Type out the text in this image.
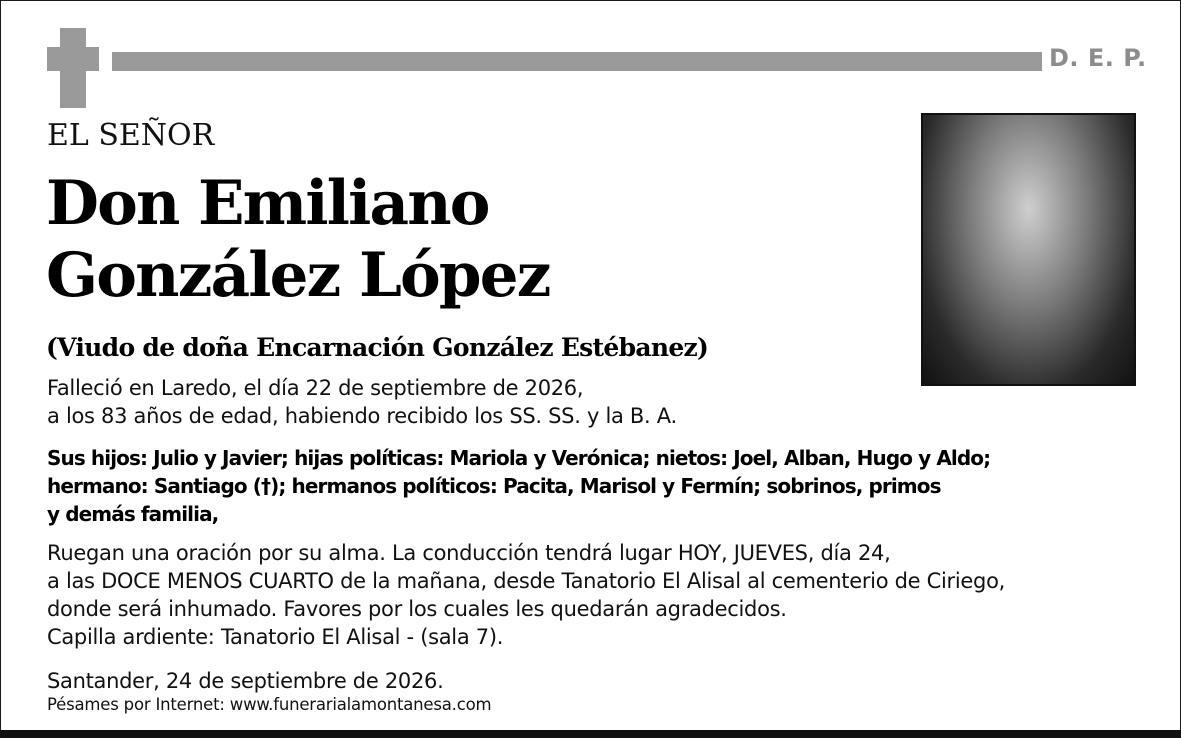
D. E. P.
EL SEÑOR
Don Emiliano
González López
(Viudo de doña Encarnación González Estébanez)
Falleció en Laredo, el día 22 de septiembre de 2026,
a los 83 años de edad, habiendo recibido los SS. SS. y la B. A.
Sus hijos: Julio y Javier; hijas políticas: Mariola y Verónica; nietos: Joel, Alban, Hugo y Aldo;
hermano: Santiago (†); hermanos políticos: Pacita, Marisol y Fermín; sobrinos, primos
y demás familia,
Ruegan una oración por su alma. La conducción tendrá lugar HOY, JUEVES, día 24,
a las DOCE MENOS CUARTO de la mañana, desde Tanatorio El Alisal al cementerio de Ciriego,
donde será inhumado. Favores por los cuales les quedarán agradecidos.
Capilla ardiente: Tanatorio El Alisal - (sala 7).
Santander, 24 de septiembre de 2026.
Pésames por Internet: www.funerarialamontanesa.com
